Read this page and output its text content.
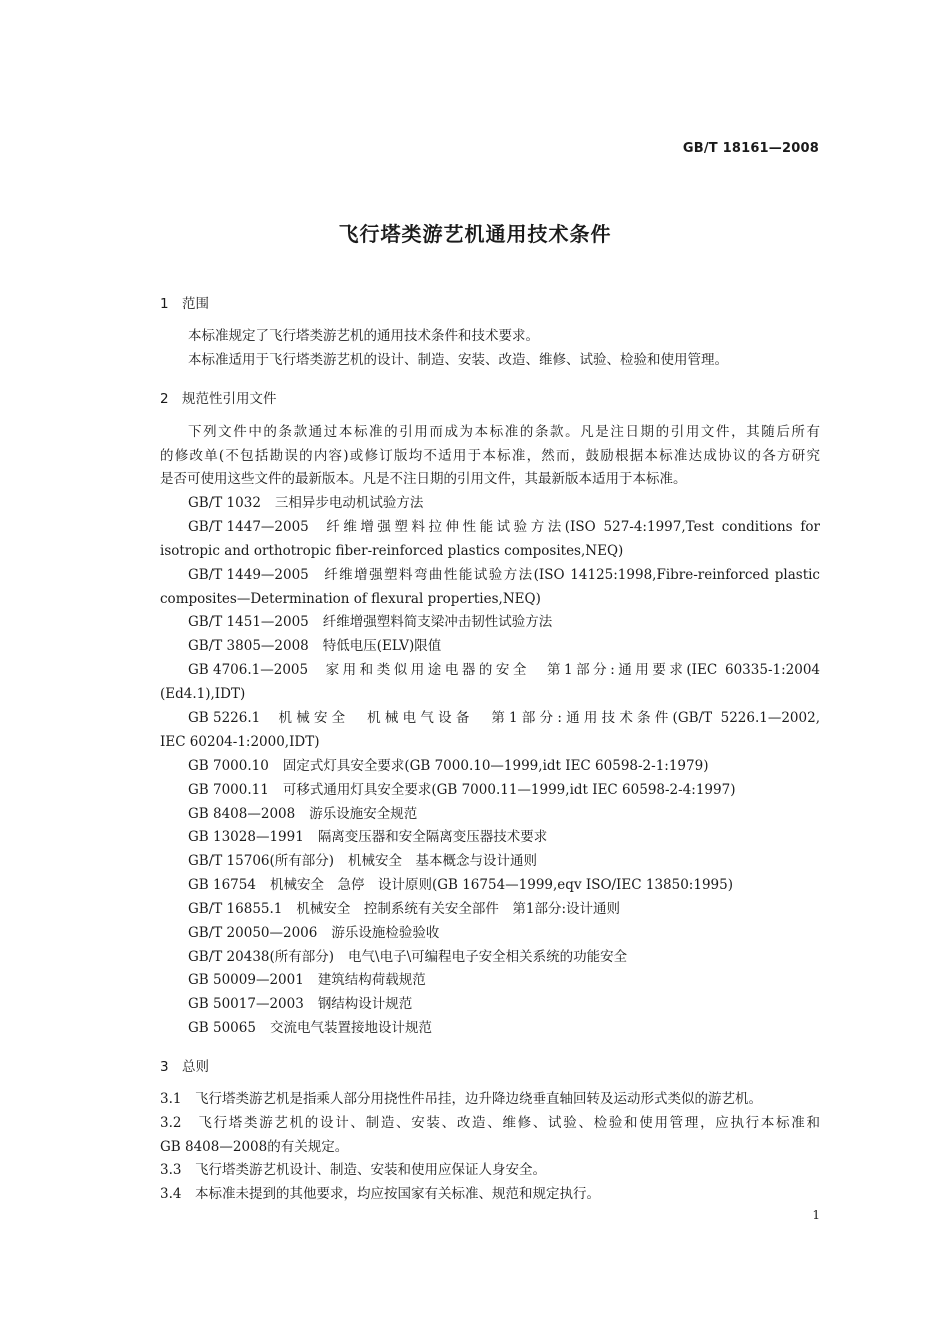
GB/T 18161—2008
飞行塔类游艺机通用技术条件
1 范围
本标准规定了飞行塔类游艺机的通用技术条件和技术要求。
本标准适用于飞行塔类游艺机的设计、制造、安装、改造、维修、试验、检验和使用管理。
2 规范性引用文件
下列文件中的条款通过本标准的引用而成为本标准的条款。凡是注日期的引用文件，其随后所有
的修改单(不包括勘误的内容)或修订版均不适用于本标准，然而，鼓励根据本标准达成协议的各方研究
是否可使用这些文件的最新版本。凡是不注日期的引用文件，其最新版本适用于本标准。
GB/T 1032 三相异步电动机试验方法
GB/T 1447—2005 纤维增强塑料拉伸性能试验方法(ISO 527-4:1997,Test conditions for
isotropic and orthotropic fiber-reinforced plastics composites,NEQ)
GB/T 1449—2005 纤维增强塑料弯曲性能试验方法(ISO 14125:1998,Fibre-reinforced plastic
composites—Determination of flexural properties,NEQ)
GB/T 1451—2005 纤维增强塑料简支梁冲击韧性试验方法
GB/T 3805—2008 特低电压(ELV)限值
GB 4706.1—2005 家用和类似用途电器的安全　第1部分:通用要求(IEC 60335-1:2004
(Ed4.1),IDT)
GB 5226.1 机械安全　机械电气设备　第1部分:通用技术条件(GB/T 5226.1—2002,
IEC 60204-1:2000,IDT)
GB 7000.10 固定式灯具安全要求(GB 7000.10—1999,idt IEC 60598-2-1:1979)
GB 7000.11 可移式通用灯具安全要求(GB 7000.11—1999,idt IEC 60598-2-4:1997)
GB 8408—2008 游乐设施安全规范
GB 13028—1991 隔离变压器和安全隔离变压器技术要求
GB/T 15706(所有部分) 机械安全　基本概念与设计通则
GB 16754 机械安全　急停　设计原则(GB 16754—1999,eqv ISO/IEC 13850:1995)
GB/T 16855.1 机械安全　控制系统有关安全部件　第1部分:设计通则
GB/T 20050—2006 游乐设施检验验收
GB/T 20438(所有部分) 电气\电子\可编程电子安全相关系统的功能安全
GB 50009—2001 建筑结构荷载规范
GB 50017—2003 钢结构设计规范
GB 50065 交流电气装置接地设计规范
3 总则
3.1　飞行塔类游艺机是指乘人部分用挠性件吊挂，边升降边绕垂直轴回转及运动形式类似的游艺机。
3.2　飞行塔类游艺机的设计、制造、安装、改造、维修、试验、检验和使用管理，应执行本标准和
GB 8408—2008的有关规定。
3.3　飞行塔类游艺机设计、制造、安装和使用应保证人身安全。
3.4　本标准未提到的其他要求，均应按国家有关标准、规范和规定执行。
1
